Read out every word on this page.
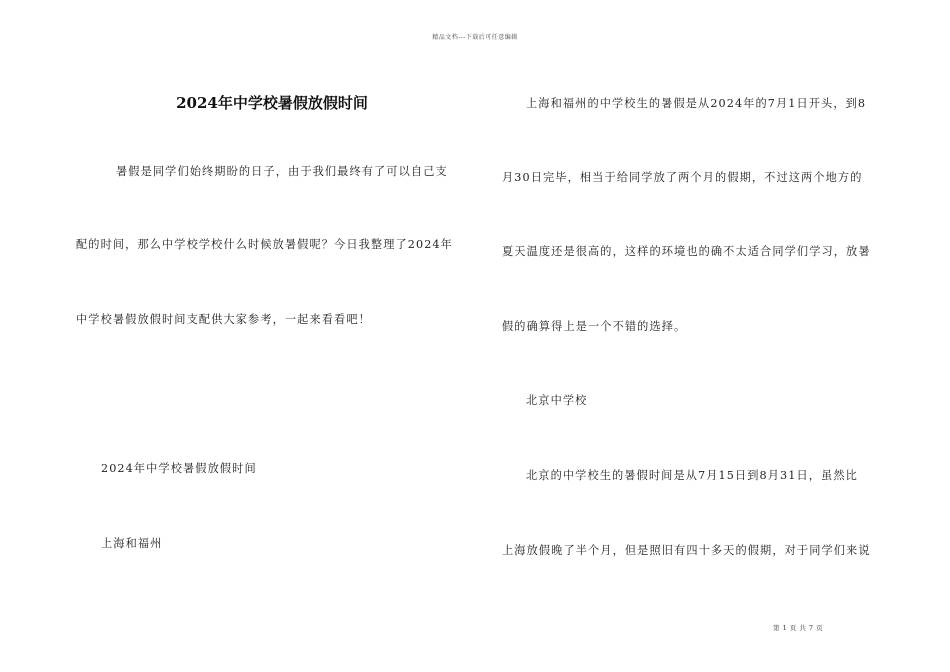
精品文档---下载后可任意编辑
2024年中学校暑假放假时间
暑假是同学们始终期盼的日子，由于我们最终有了可以自己支
配的时间，那么中学校学校什么时候放暑假呢？今日我整理了2024年
中学校暑假放假时间支配供大家参考，一起来看看吧！
2024年中学校暑假放假时间
上海和福州
上海和福州的中学校生的暑假是从2024年的7月1日开头，到8
月30日完毕，相当于给同学放了两个月的假期，不过这两个地方的
夏天温度还是很高的，这样的环境也的确不太适合同学们学习，放暑
假的确算得上是一个不错的选择。
北京中学校
北京的中学校生的暑假时间是从7月15日到8月31日，虽然比
上海放假晚了半个月，但是照旧有四十多天的假期，对于同学们来说
第 1 页 共 7 页
